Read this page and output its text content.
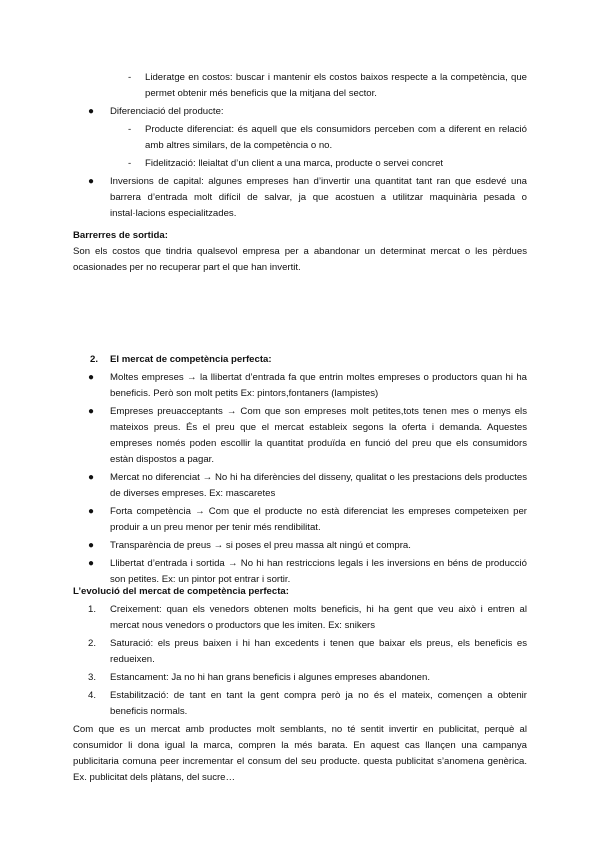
- Lideratge en costos: buscar i mantenir els costos baixos respecte a la competència, que permet obtenir més beneficis que la mitjana del sector.

● Diferenciació del producte:

- Producte diferenciat: és aquell que els consumidors perceben com a diferent en relació amb altres similars, de la competència o no.

- Fidelització: lleialtat d’un client a una marca, producte o servei concret

● Inversions de capital: algunes empreses han d’invertir una quantitat tant ran que esdevé una barrera d’entrada molt difícil de salvar, ja que acostuen a utilitzar maquinària pesada o instal·lacions especialitzades.

Barrerres de sortida:

Son els costos que tindria qualsevol empresa per a abandonar un determinat mercat o les pèrdues ocasionades per no recuperar part el que han invertit.

2. El mercat de competència perfecta:

● Moltes empreses → la llibertat d’entrada fa que entrin moltes empreses o productors quan hi ha beneficis. Però son molt petits Ex: pintors,fontaners (lampistes)

● Empreses preuacceptants → Com que son empreses molt petites,tots tenen mes o menys els mateixos preus. És el preu que el mercat estableix segons la oferta i demanda. Aquestes empreses només poden escollir la quantitat produïda en funció del preu que els consumidors estàn dispostos a pagar.

● Mercat no diferenciat → No hi ha diferències del disseny, qualitat o les prestacions dels productes de diverses empreses. Ex: mascaretes

● Forta competència → Com que el producte no està diferenciat les empreses competeixen per produir a un preu menor per tenir més rendibilitat.

● Transparència de preus → si poses el preu massa alt ningú et compra.

● Llibertat d’entrada i sortida → No hi han restriccions legals i les inversions en béns de producció son petites. Ex: un pintor pot entrar i sortir.

L’evolució del mercat de competència perfecta:

1. Creixement: quan els venedors obtenen molts beneficis, hi ha gent que veu això i entren al mercat nous venedors o productors que les imiten. Ex: snikers

2. Saturació: els preus baixen i hi han excedents i tenen que baixar els preus, els beneficis es redueixen.

3. Estancament: Ja no hi han grans beneficis i algunes empreses abandonen.

4. Estabilització: de tant en tant la gent compra però ja no és el mateix, començen a obtenir beneficis normals.

Com que es un mercat amb productes molt semblants, no té sentit invertir en publicitat, perquè al consumidor li dona igual la marca, compren la més barata. En aquest cas llançen una campanya publicitaria comuna peer incrementar el consum del seu producte. questa publicitat s’anomena genèrica. Ex. publicitat dels plàtans, del sucre…
